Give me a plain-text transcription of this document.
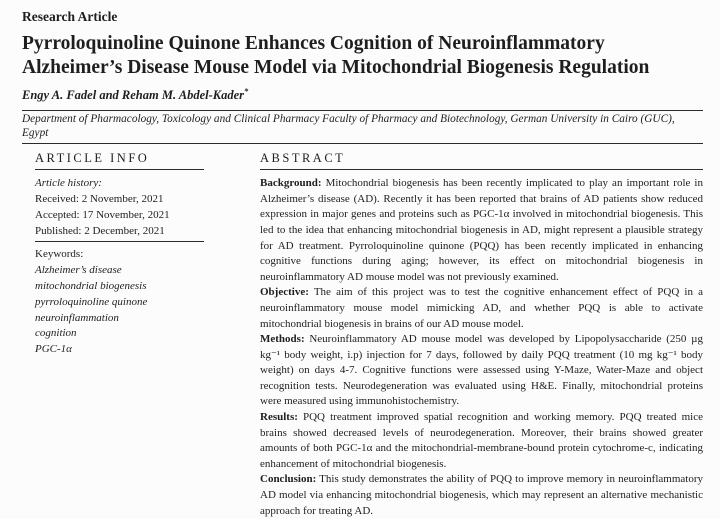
Research Article
Pyrroloquinoline Quinone Enhances Cognition of Neuroinflammatory Alzheimer’s Disease Mouse Model via Mitochondrial Biogenesis Regulation
Engy A. Fadel and Reham M. Abdel-Kader*
Department of Pharmacology, Toxicology and Clinical Pharmacy Faculty of Pharmacy and Biotechnology, German University in Cairo (GUC), Egypt
ARTICLE INFO
Article history:
Received: 2 November, 2021
Accepted: 17 November, 2021
Published: 2 December, 2021
Keywords:
Alzheimer’s disease
mitochondrial biogenesis
pyrroloquinoline quinone
neuroinflammation
cognition
PGC-1α
ABSTRACT

Background: Mitochondrial biogenesis has been recently implicated to play an important role in Alzheimer’s disease (AD). Recently it has been reported that brains of AD patients show reduced expression in major genes and proteins such as PGC-1α involved in mitochondrial biogenesis. This led to the idea that enhancing mitochondrial biogenesis in AD, might represent a plausible strategy for AD treatment. Pyrroloquinoline quinone (PQQ) has been recently implicated in enhancing cognitive functions during aging; however, its effect on mitochondrial biogenesis in neuroinflammatory AD mouse model was not previously examined.

Objective: The aim of this project was to test the cognitive enhancement effect of PQQ in a neuroinflammatory mouse model mimicking AD, and whether PQQ is able to activate mitochondrial biogenesis in brains of our AD mouse model.

Methods: Neuroinflammatory AD mouse model was developed by Lipopolysaccharide (250 µg kg⁻¹ body weight, i.p) injection for 7 days, followed by daily PQQ treatment (10 mg kg⁻¹ body weight) on days 4-7. Cognitive functions were assessed using Y-Maze, Water-Maze and object recognition tests. Neurodegeneration was evaluated using H&E. Finally, mitochondrial proteins were measured using immunohistochemistry.

Results: PQQ treatment improved spatial recognition and working memory. PQQ treated mice brains showed decreased levels of neurodegeneration. Moreover, their brains showed greater amounts of both PGC-1α and the mitochondrial-membrane-bound protein cytochrome-c, indicating enhancement of mitochondrial biogenesis.

Conclusion: This study demonstrates the ability of PQQ to improve memory in neuroinflammatory AD model via enhancing mitochondrial biogenesis, which may represent an alternative mechanistic approach for treating AD.
